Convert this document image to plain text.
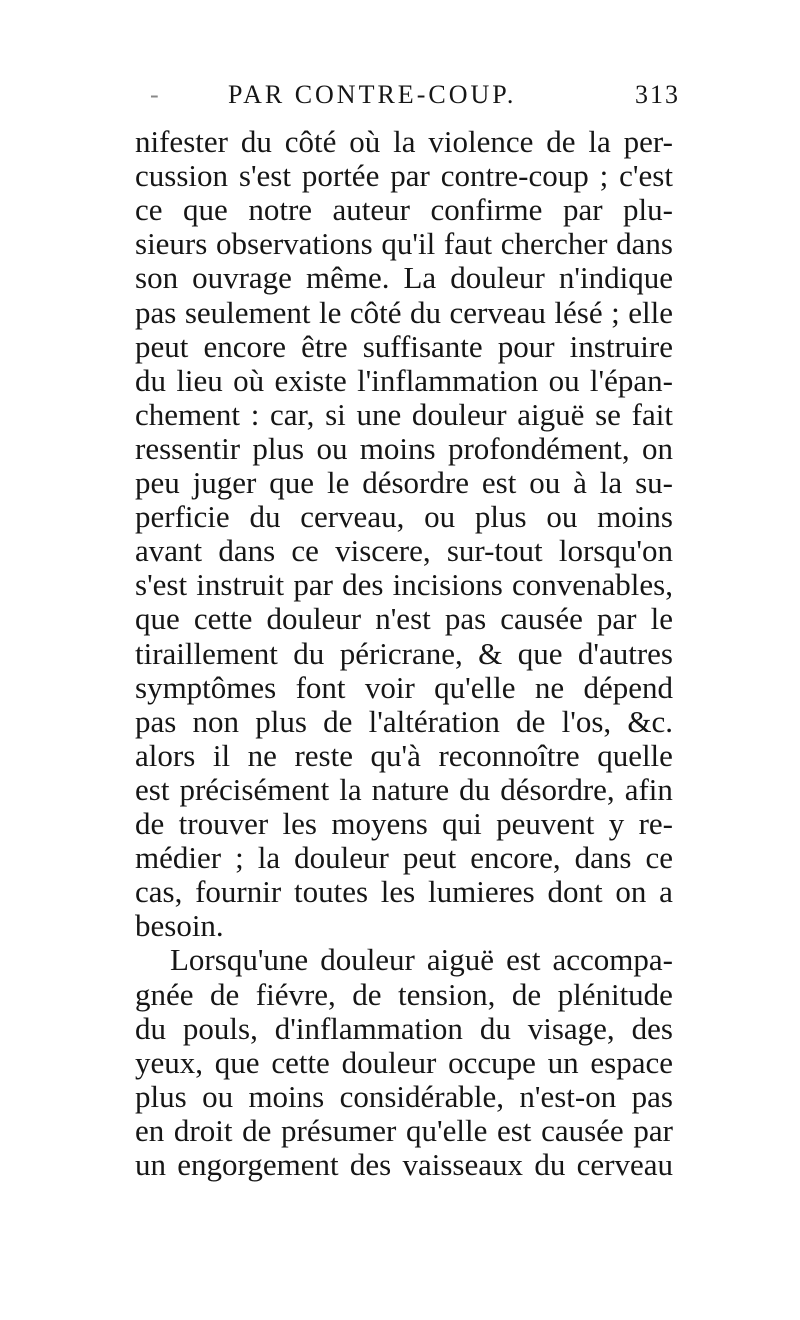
-	PAR CONTRE-COUP.	313
nifester du côté où la violence de la per-
cussion s'est portée par contre-coup ; c'est
ce que notre auteur confirme par plu-
sieurs observations qu'il faut chercher dans
son ouvrage même. La douleur n'indique
pas seulement le côté du cerveau lésé ; elle
peut encore être suffisante pour instruire
du lieu où existe l'inflammation ou l'épan-
chement : car, si une douleur aiguë se fait
ressentir plus ou moins profondément, on
peu juger que le désordre est ou à la su-
perficie du cerveau, ou plus ou moins
avant dans ce viscere, sur-tout lorsqu'on
s'est instruit par des incisions convenables,
que cette douleur n'est pas causée par le
tiraillement du péricrane, & que d'autres
symptômes font voir qu'elle ne dépend
pas non plus de l'altération de l'os, &c.
alors il ne reste qu'à reconnoître quelle
est précisément la nature du désordre, afin
de trouver les moyens qui peuvent y re-
médier ; la douleur peut encore, dans ce
cas, fournir toutes les lumieres dont on a
besoin.
Lorsqu'une douleur aiguë est accompa-
gnée de fiévre, de tension, de plénitude
du pouls, d'inflammation du visage, des
yeux, que cette douleur occupe un espace
plus ou moins considérable, n'est-on pas
en droit de présumer qu'elle est causée par
un engorgement des vaisseaux du cerveau
